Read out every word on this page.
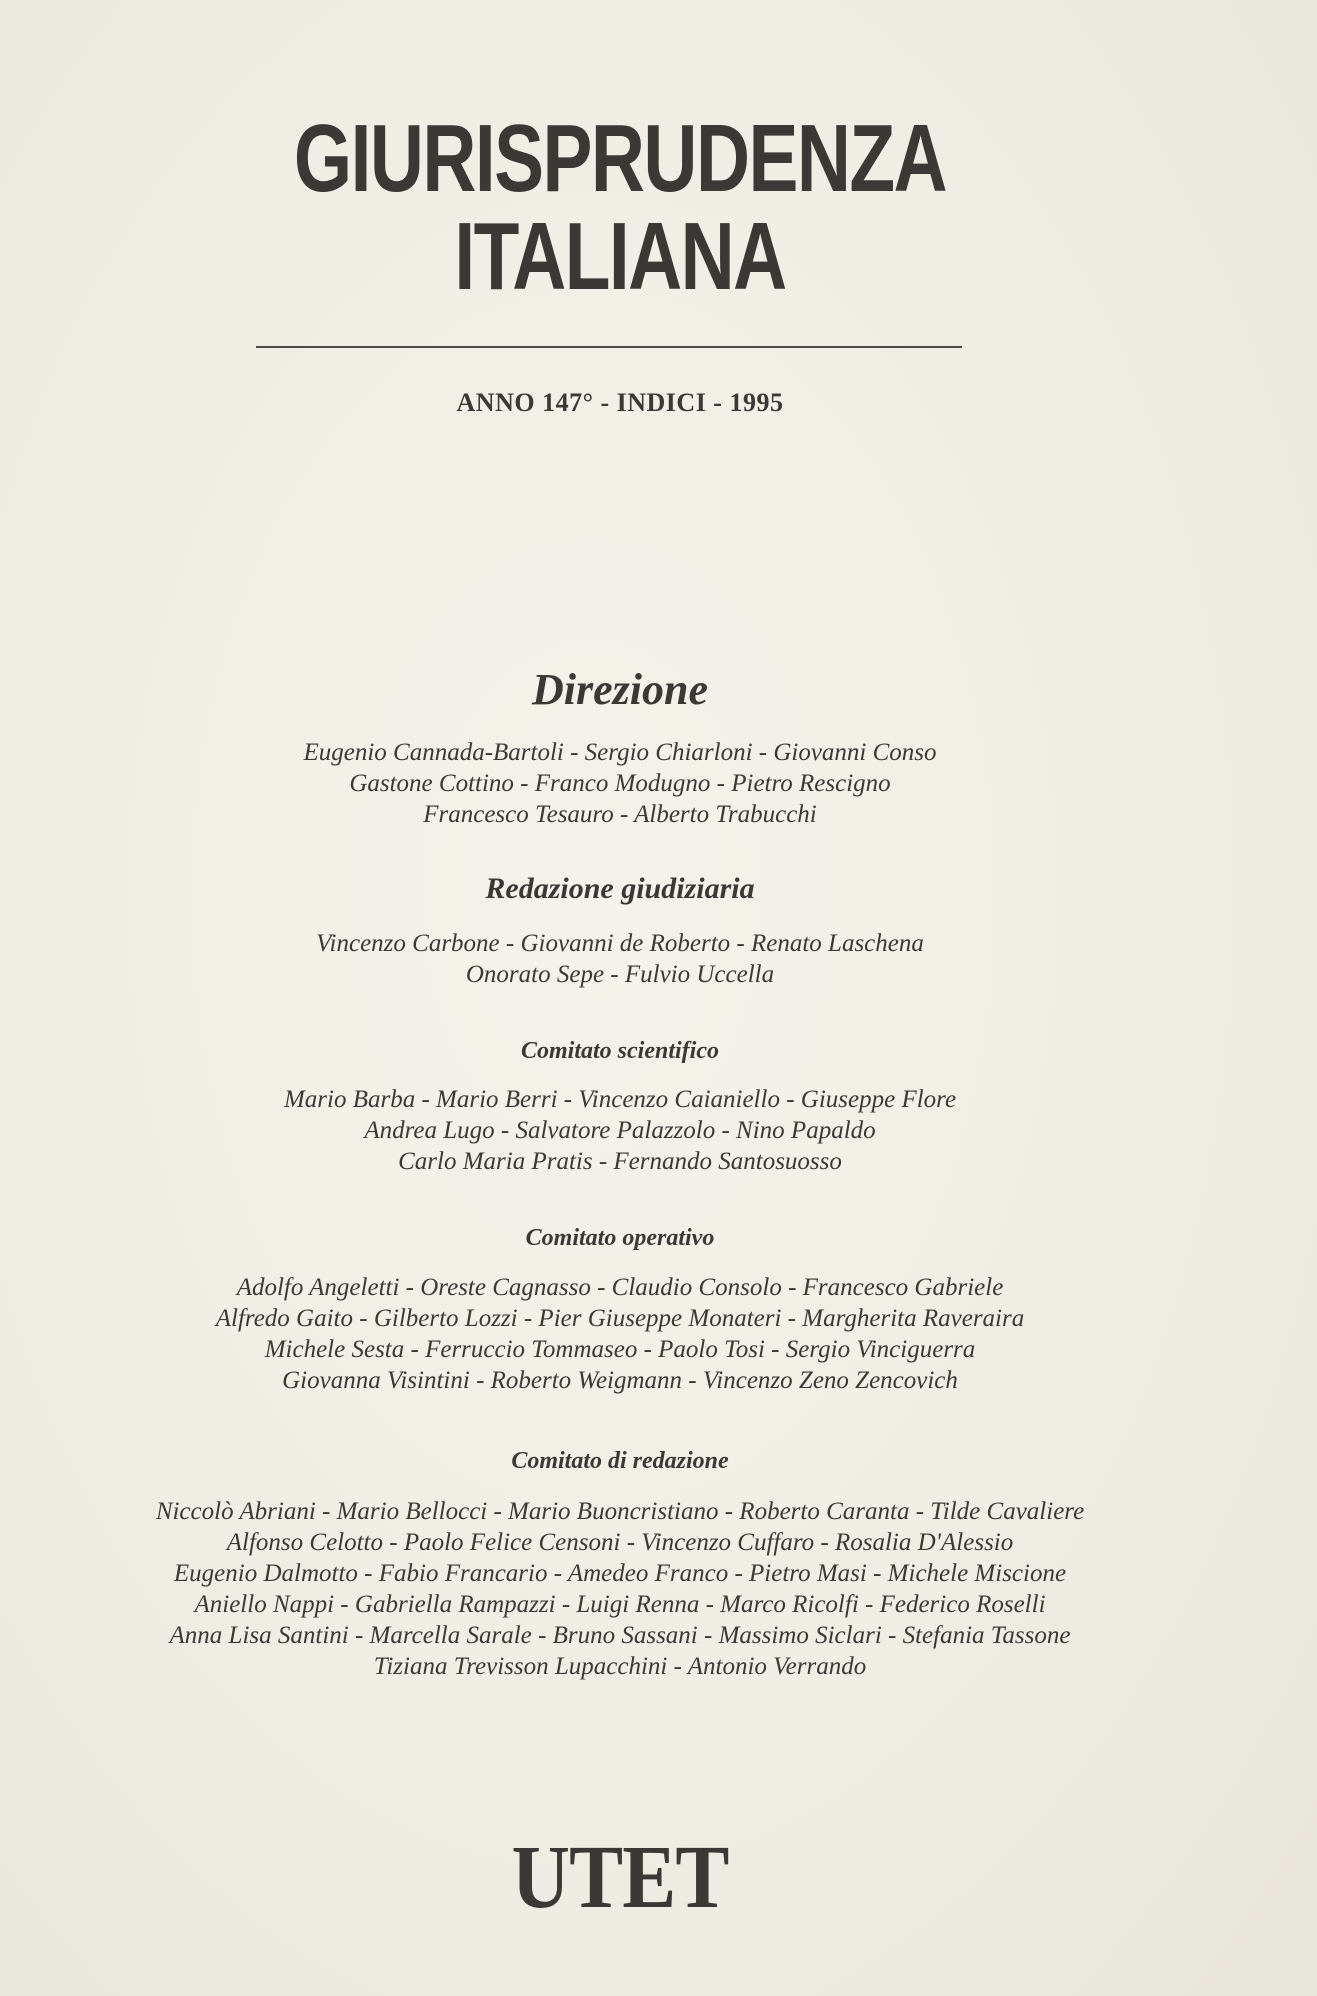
GIURISPRUDENZA
ITALIANA
ANNO 147° - INDICI - 1995
Direzione
Eugenio Cannada-Bartoli - Sergio Chiarloni - Giovanni Conso
Gastone Cottino - Franco Modugno - Pietro Rescigno
Francesco Tesauro - Alberto Trabucchi
Redazione giudiziaria
Vincenzo Carbone - Giovanni de Roberto - Renato Laschena
Onorato Sepe - Fulvio Uccella
Comitato scientifico
Mario Barba - Mario Berri - Vincenzo Caianiello - Giuseppe Flore
Andrea Lugo - Salvatore Palazzolo - Nino Papaldo
Carlo Maria Pratis - Fernando Santosuosso
Comitato operativo
Adolfo Angeletti - Oreste Cagnasso - Claudio Consolo - Francesco Gabriele
Alfredo Gaito - Gilberto Lozzi - Pier Giuseppe Monateri - Margherita Raveraira
Michele Sesta - Ferruccio Tommaseo - Paolo Tosi - Sergio Vinciguerra
Giovanna Visintini - Roberto Weigmann - Vincenzo Zeno Zencovich
Comitato di redazione
Niccolò Abriani - Mario Bellocci - Mario Buoncristiano - Roberto Caranta - Tilde Cavaliere
Alfonso Celotto - Paolo Felice Censoni - Vincenzo Cuffaro - Rosalia D'Alessio
Eugenio Dalmotto - Fabio Francario - Amedeo Franco - Pietro Masi - Michele Miscione
Aniello Nappi - Gabriella Rampazzi - Luigi Renna - Marco Ricolfi - Federico Roselli
Anna Lisa Santini - Marcella Sarale - Bruno Sassani - Massimo Siclari - Stefania Tassone
Tiziana Trevisson Lupacchini - Antonio Verrando
UTET
